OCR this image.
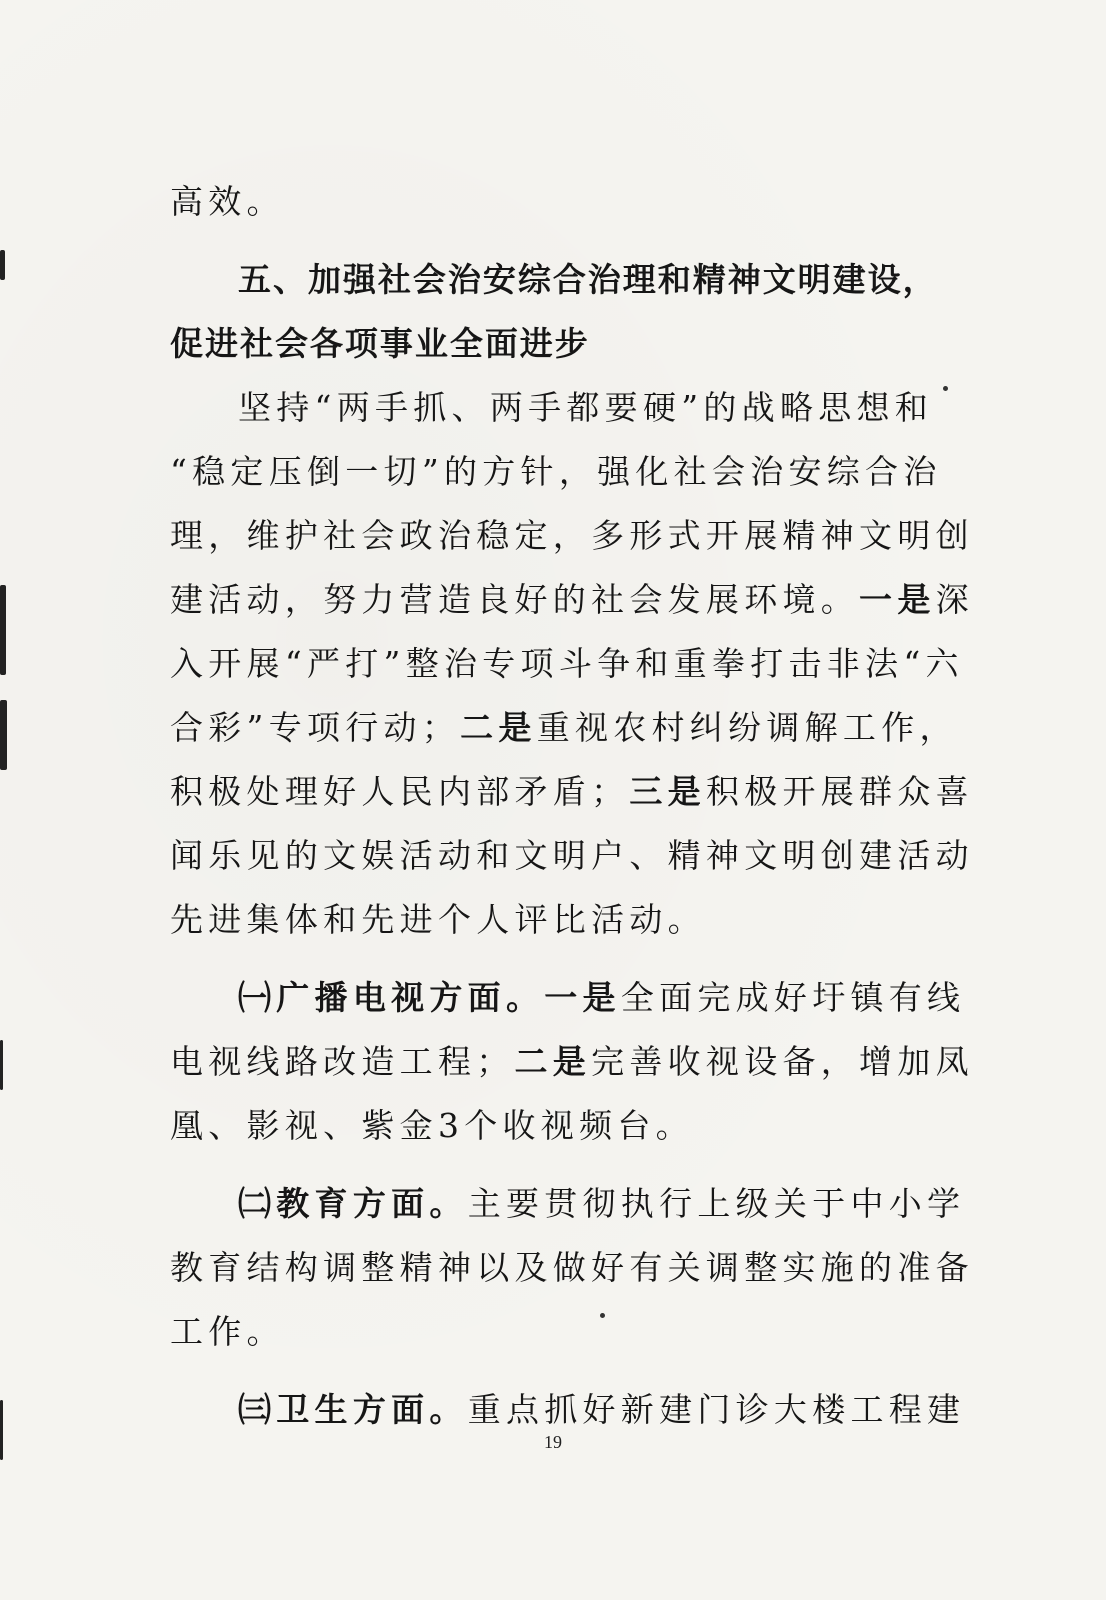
高效。
五、加强社会治安综合治理和精神文明建设，
促进社会各项事业全面进步
坚持“两手抓、两手都要硬”的战略思想和
“稳定压倒一切”的方针，强化社会治安综合治
理，维护社会政治稳定，多形式开展精神文明创
建活动，努力营造良好的社会发展环境。一是深
入开展“严打”整治专项斗争和重拳打击非法“六
合彩”专项行动；二是重视农村纠纷调解工作，
积极处理好人民内部矛盾；三是积极开展群众喜
闻乐见的文娱活动和文明户、精神文明创建活动
先进集体和先进个人评比活动。
㈠广播电视方面。一是全面完成好圩镇有线
电视线路改造工程；二是完善收视设备，增加凤
凰、影视、紫金3个收视频台。
㈡教育方面。主要贯彻执行上级关于中小学
教育结构调整精神以及做好有关调整实施的准备
工作。
㈢卫生方面。重点抓好新建门诊大楼工程建
19
